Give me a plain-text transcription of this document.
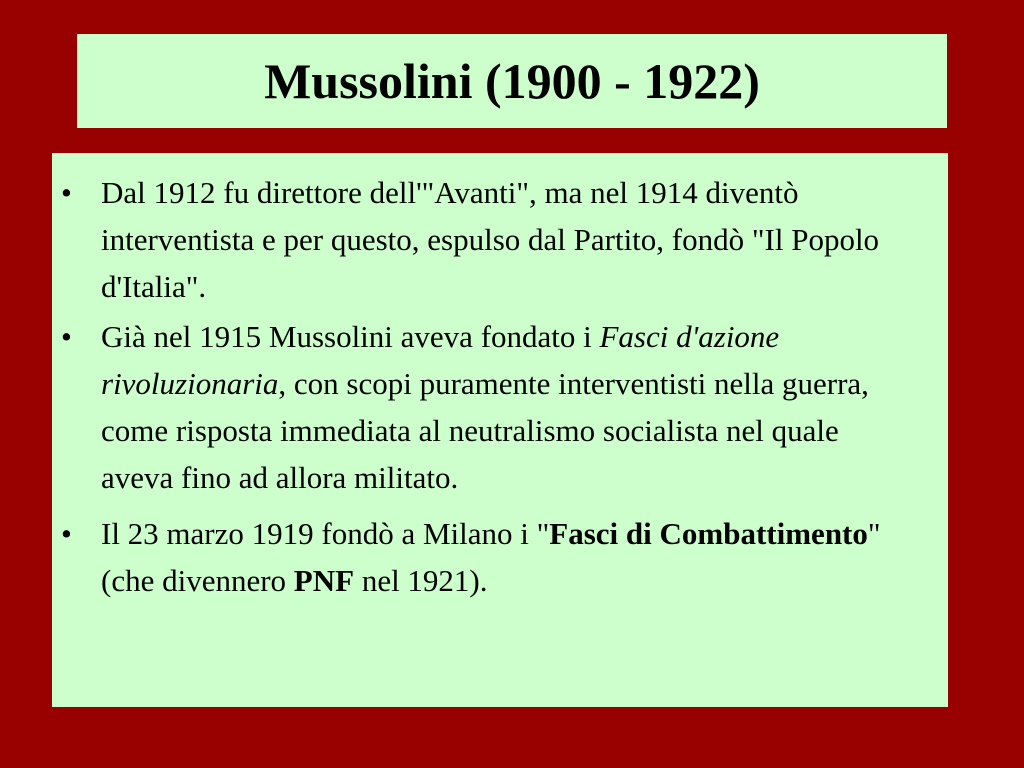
Mussolini (1900 - 1922)
• Dal 1912 fu direttore dell'"Avanti", ma nel 1914 diventò interventista e per questo, espulso dal Partito, fondò "Il Popolo d'Italia".
• Già nel 1915 Mussolini aveva fondato i Fasci d'azione rivoluzionaria, con scopi puramente interventisti nella guerra, come risposta immediata al neutralismo socialista nel quale aveva fino ad allora militato.
• Il 23 marzo 1919 fondò a Milano i "Fasci di Combattimento" (che divennero PNF nel 1921).
